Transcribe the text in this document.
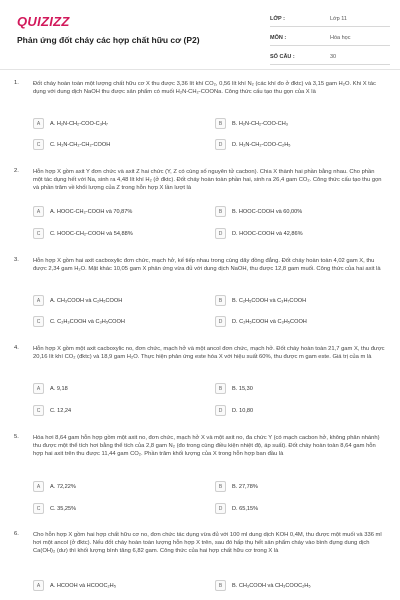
QUIZIZZ
Phản ứng đốt cháy các hợp chất hữu cơ (P2)
LỚP :	Lớp 11
MÔN :	Hóa học
SỐ CÂU :	30
1. Đốt cháy hoàn toàn một lượng chất hữu cơ X thu được 3,36 lít khí CO₂, 0,56 lít khí N₂ (các khí đo ở đktc) và 3,15 gam H₂O. Khi X tác dụng với dung dịch NaOH thu được sản phẩm có muối H₂N-CH₂-COONa. Công thức cấu tạo thu gọn của X là
A	A. H₂N-CH₂-COO-C₃H₇	B	B. H₂N-CH₂-COO-CH₃
C	C. H₂N-CH₂-CH₂-COOH	D	D. H₂N-CH₂-COO-C₂H₅
2. Hỗn hợp X gồm axit Y đơn chức và axit Z hai chức (Y, Z có cùng số nguyên tử cacbon). Chia X thành hai phần bằng nhau. Cho phần một tác dụng hết với Na, sinh ra 4,48 lít khí H₂ (ở đktc). Đốt cháy hoàn toàn phần hai, sinh ra 26,4 gam CO₂. Công thức cấu tạo thu gọn và phần trăm về khối lượng của Z trong hỗn hợp X lần lượt là
A	A. HOOC-CH₂-COOH và 70,87%	B	B. HOOC-COOH và 60,00%
C	C. HOOC-CH₂-COOH và 54,88%	D	D. HOOC-COOH và 42,86%
3. Hỗn hợp X gồm hai axit cacboxylic đơn chức, mạch hở, kế tiếp nhau trong cùng dãy đồng đẳng. Đốt cháy hoàn toàn 4,02 gam X, thu được 2,34 gam H₂O. Mặt khác 10,05 gam X phản ứng vừa đủ với dung dịch NaOH, thu được 12,8 gam muối. Công thức của hai axit là
A	A. CH₃COOH và C₂H₅COOH	B	B. C₂H₅COOH và C₃H₇COOH
C	C. C₂H₃COOH và C₃H₅COOH	D	D. C₂H₅COOH và C₃H₅COOH
4. Hỗn hợp X gồm một axit cacboxylic no, đơn chức, mạch hở và một ancol đơn chức, mạch hở. Đốt cháy hoàn toàn 21,7 gam X, thu được 20,16 lít khí CO₂ (đktc) và 18,9 gam H₂O. Thực hiện phản ứng este hóa X với hiệu suất 60%, thu được m gam este. Giá trị của m là
A	A. 9,18	B	B. 15,30
C	C. 12,24	D	D. 10,80
5. Hóa hơi 8,64 gam hỗn hợp gồm một axit no, đơn chức, mạch hở X và một axit no, đa chức Y (có mạch cacbon hở, không phân nhánh) thu được một thể tích hơi bằng thể tích của 2,8 gam N₂ (đo trong cùng điều kiện nhiệt độ, áp suất). Đốt cháy hoàn toàn 8,64 gam hỗn hợp hai axit trên thu được 11,44 gam CO₂. Phần trăm khối lượng của X trong hỗn hợp ban đầu là
A	A. 72,22%	B	B. 27,78%
C	C. 35,25%	D	D. 65,15%
6. Cho hỗn hợp X gồm hai hợp chất hữu cơ no, đơn chức tác dụng vừa đủ với 100 ml dung dịch KOH 0,4M, thu được một muối và 336 ml hơi một ancol (ở đktc). Nếu đốt cháy hoàn toàn lượng hỗn hợp X trên, sau đó hấp thụ hết sản phẩm cháy vào bình đựng dung dịch Ca(OH)₂ (dư) thì khối lượng bình tăng 6,82 gam. Công thức của hai hợp chất hữu cơ trong X là
A	A. HCOOH và HCOOC₂H₅	B	B. CH₃COOH và CH₃COOC₂H₅
